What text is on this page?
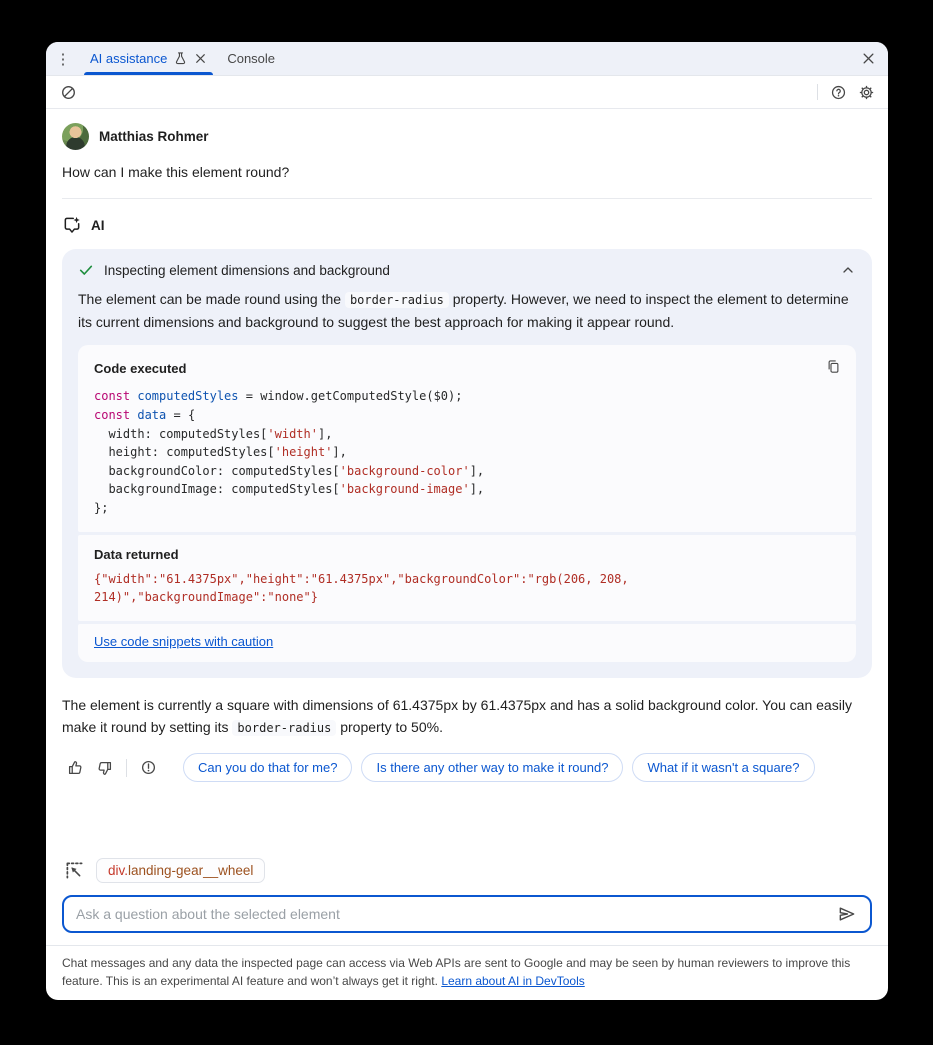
⋮	AI assistance	Console
Matthias Rohmer
How can I make this element round?
AI
Inspecting element dimensions and background
The element can be made round using the border-radius property. However, we need to inspect the element to determine its current dimensions and background to suggest the best approach for making it appear round.
Code executed
const computedStyles = window.getComputedStyle($0);
const data = {
width: computedStyles['width'],
height: computedStyles['height'],
backgroundColor: computedStyles['background-color'],
backgroundImage: computedStyles['background-image'],
};
Data returned
{"width":"61.4375px","height":"61.4375px","backgroundColor":"rgb(206, 208, 214)","backgroundImage":"none"}
Use code snippets with caution
The element is currently a square with dimensions of 61.4375px by 61.4375px and has a solid background color. You can easily make it round by setting its border-radius property to 50%.
Can you do that for me?	Is there any other way to make it round?	What if it wasn't a square?
div. landing-gear__wheel
Ask a question about the selected element
Chat messages and any data the inspected page can access via Web APIs are sent to Google and may be seen by human reviewers to improve this feature. This is an experimental AI feature and won’t always get it right. Learn about AI in DevTools
